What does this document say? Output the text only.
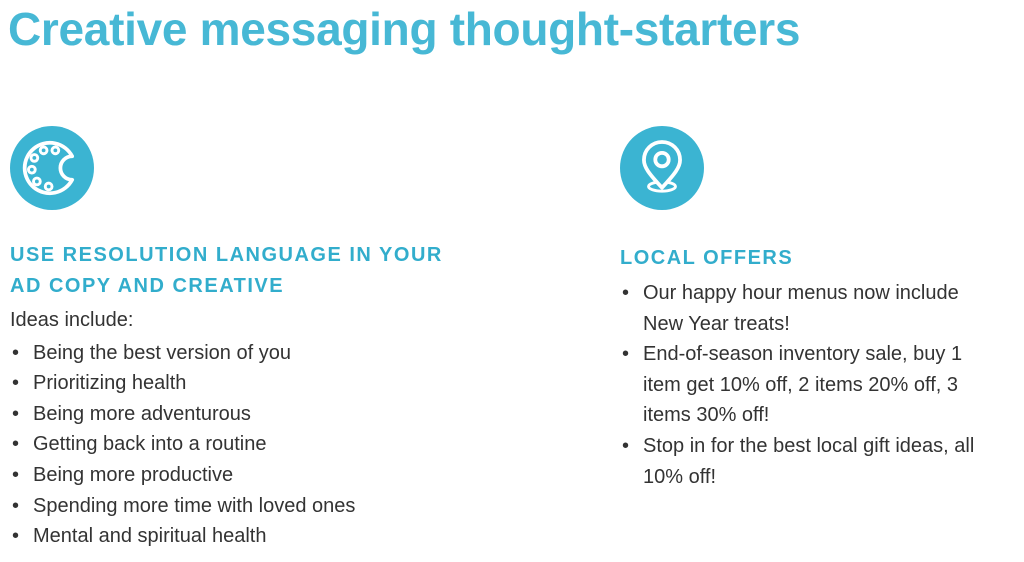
Creative messaging thought-starters
USE RESOLUTION LANGUAGE IN YOUR AD COPY AND CREATIVE

Ideas include:

• Being the best version of you
• Prioritizing health
• Being more adventurous
• Getting back into a routine
• Being more productive
• Spending more time with loved ones
• Mental and spiritual health
LOCAL OFFERS
• Our happy hour menus now include New Year treats!
• End-of-season inventory sale, buy 1 item get 10% off, 2 items 20% off, 3 items 30% off!
• Stop in for the best local gift ideas, all 10% off!
